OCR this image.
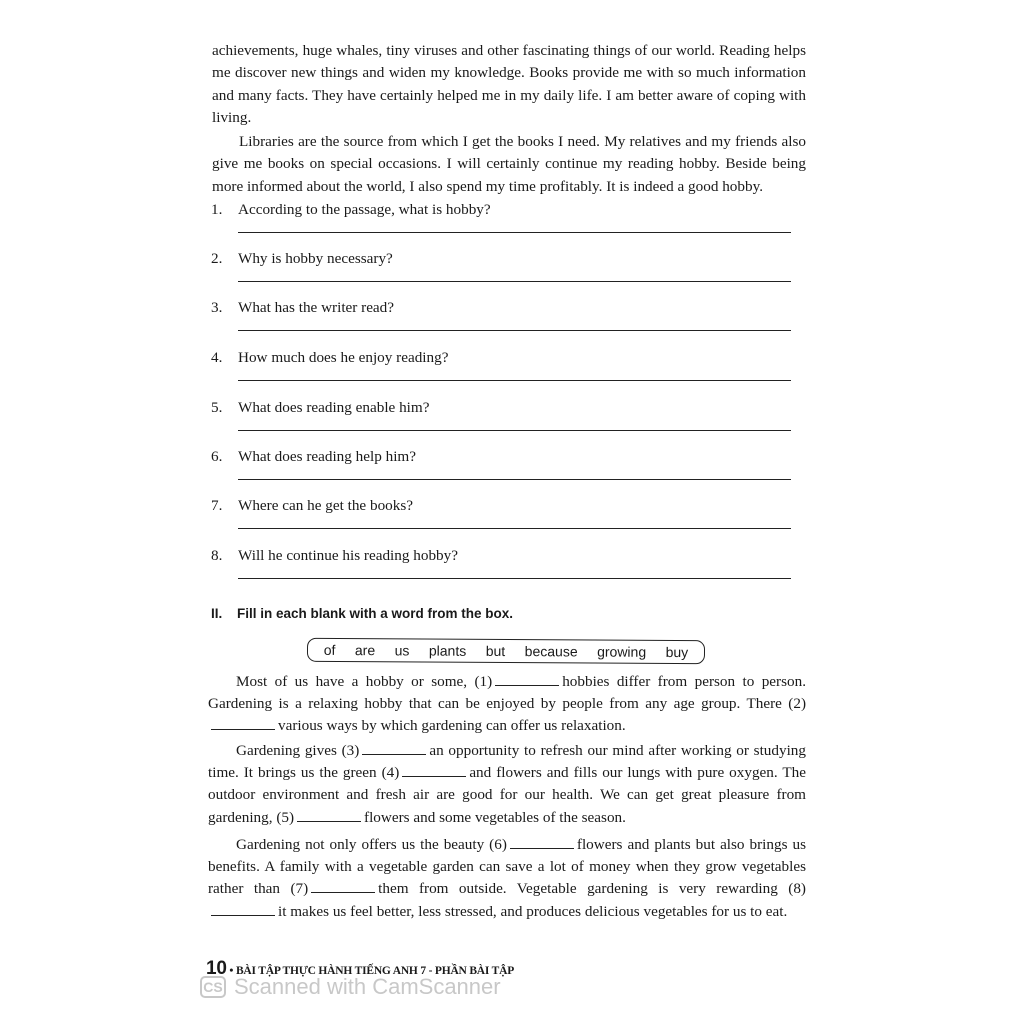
achievements, huge whales, tiny viruses and other fascinating things of our world. Reading helps me discover new things and widen my knowledge. Books provide me with so much information and many facts. They have certainly helped me in my daily life. I am better aware of coping with living.

Libraries are the source from which I get the books I need. My relatives and my friends also give me books on special occasions. I will certainly continue my reading hobby. Beside being more informed about the world, I also spend my time profitably. It is indeed a good hobby.

1.	According to the passage, what is hobby?
2.	Why is hobby necessary?
3.	What has the writer read?
4.	How much does he enjoy reading?
5.	What does reading enable him?
6.	What does reading help him?
7.	Where can he get the books?
8.	Will he continue his reading hobby?
II. Fill in each blank with a word from the box.
of are us plants but because growing buy

Most of us have a hobby or some, (1)	hobbies differ from person to person. Gardening is a relaxing hobby that can be enjoyed by people from any age group. There (2)various ways by which gardening can offer us relaxation.

Gardening gives (3)	an opportunity to refresh our mind after working or studying time. It brings us the green (4)	and flowers and fills our lungs with pure oxygen. The outdoor environment and fresh air are good for our health. We can get great pleasure from gardening, (5)	flowers and some vegetables of the season.

Gardening not only offers us the beauty (6)	flowers and plants but also brings us benefits. A family with a vegetable garden can save a lot of money when they grow vegetables rather than (7)	them from outside. Vegetable gardening is very rewarding (8)it makes us feel better, less stressed, and produces delicious vegetables for us to eat.

10 • BÀI TẬP THỰC HÀNH TIẾNG ANH 7 - PHẦN BÀI TẬP
CS Scanned with CamScanner
